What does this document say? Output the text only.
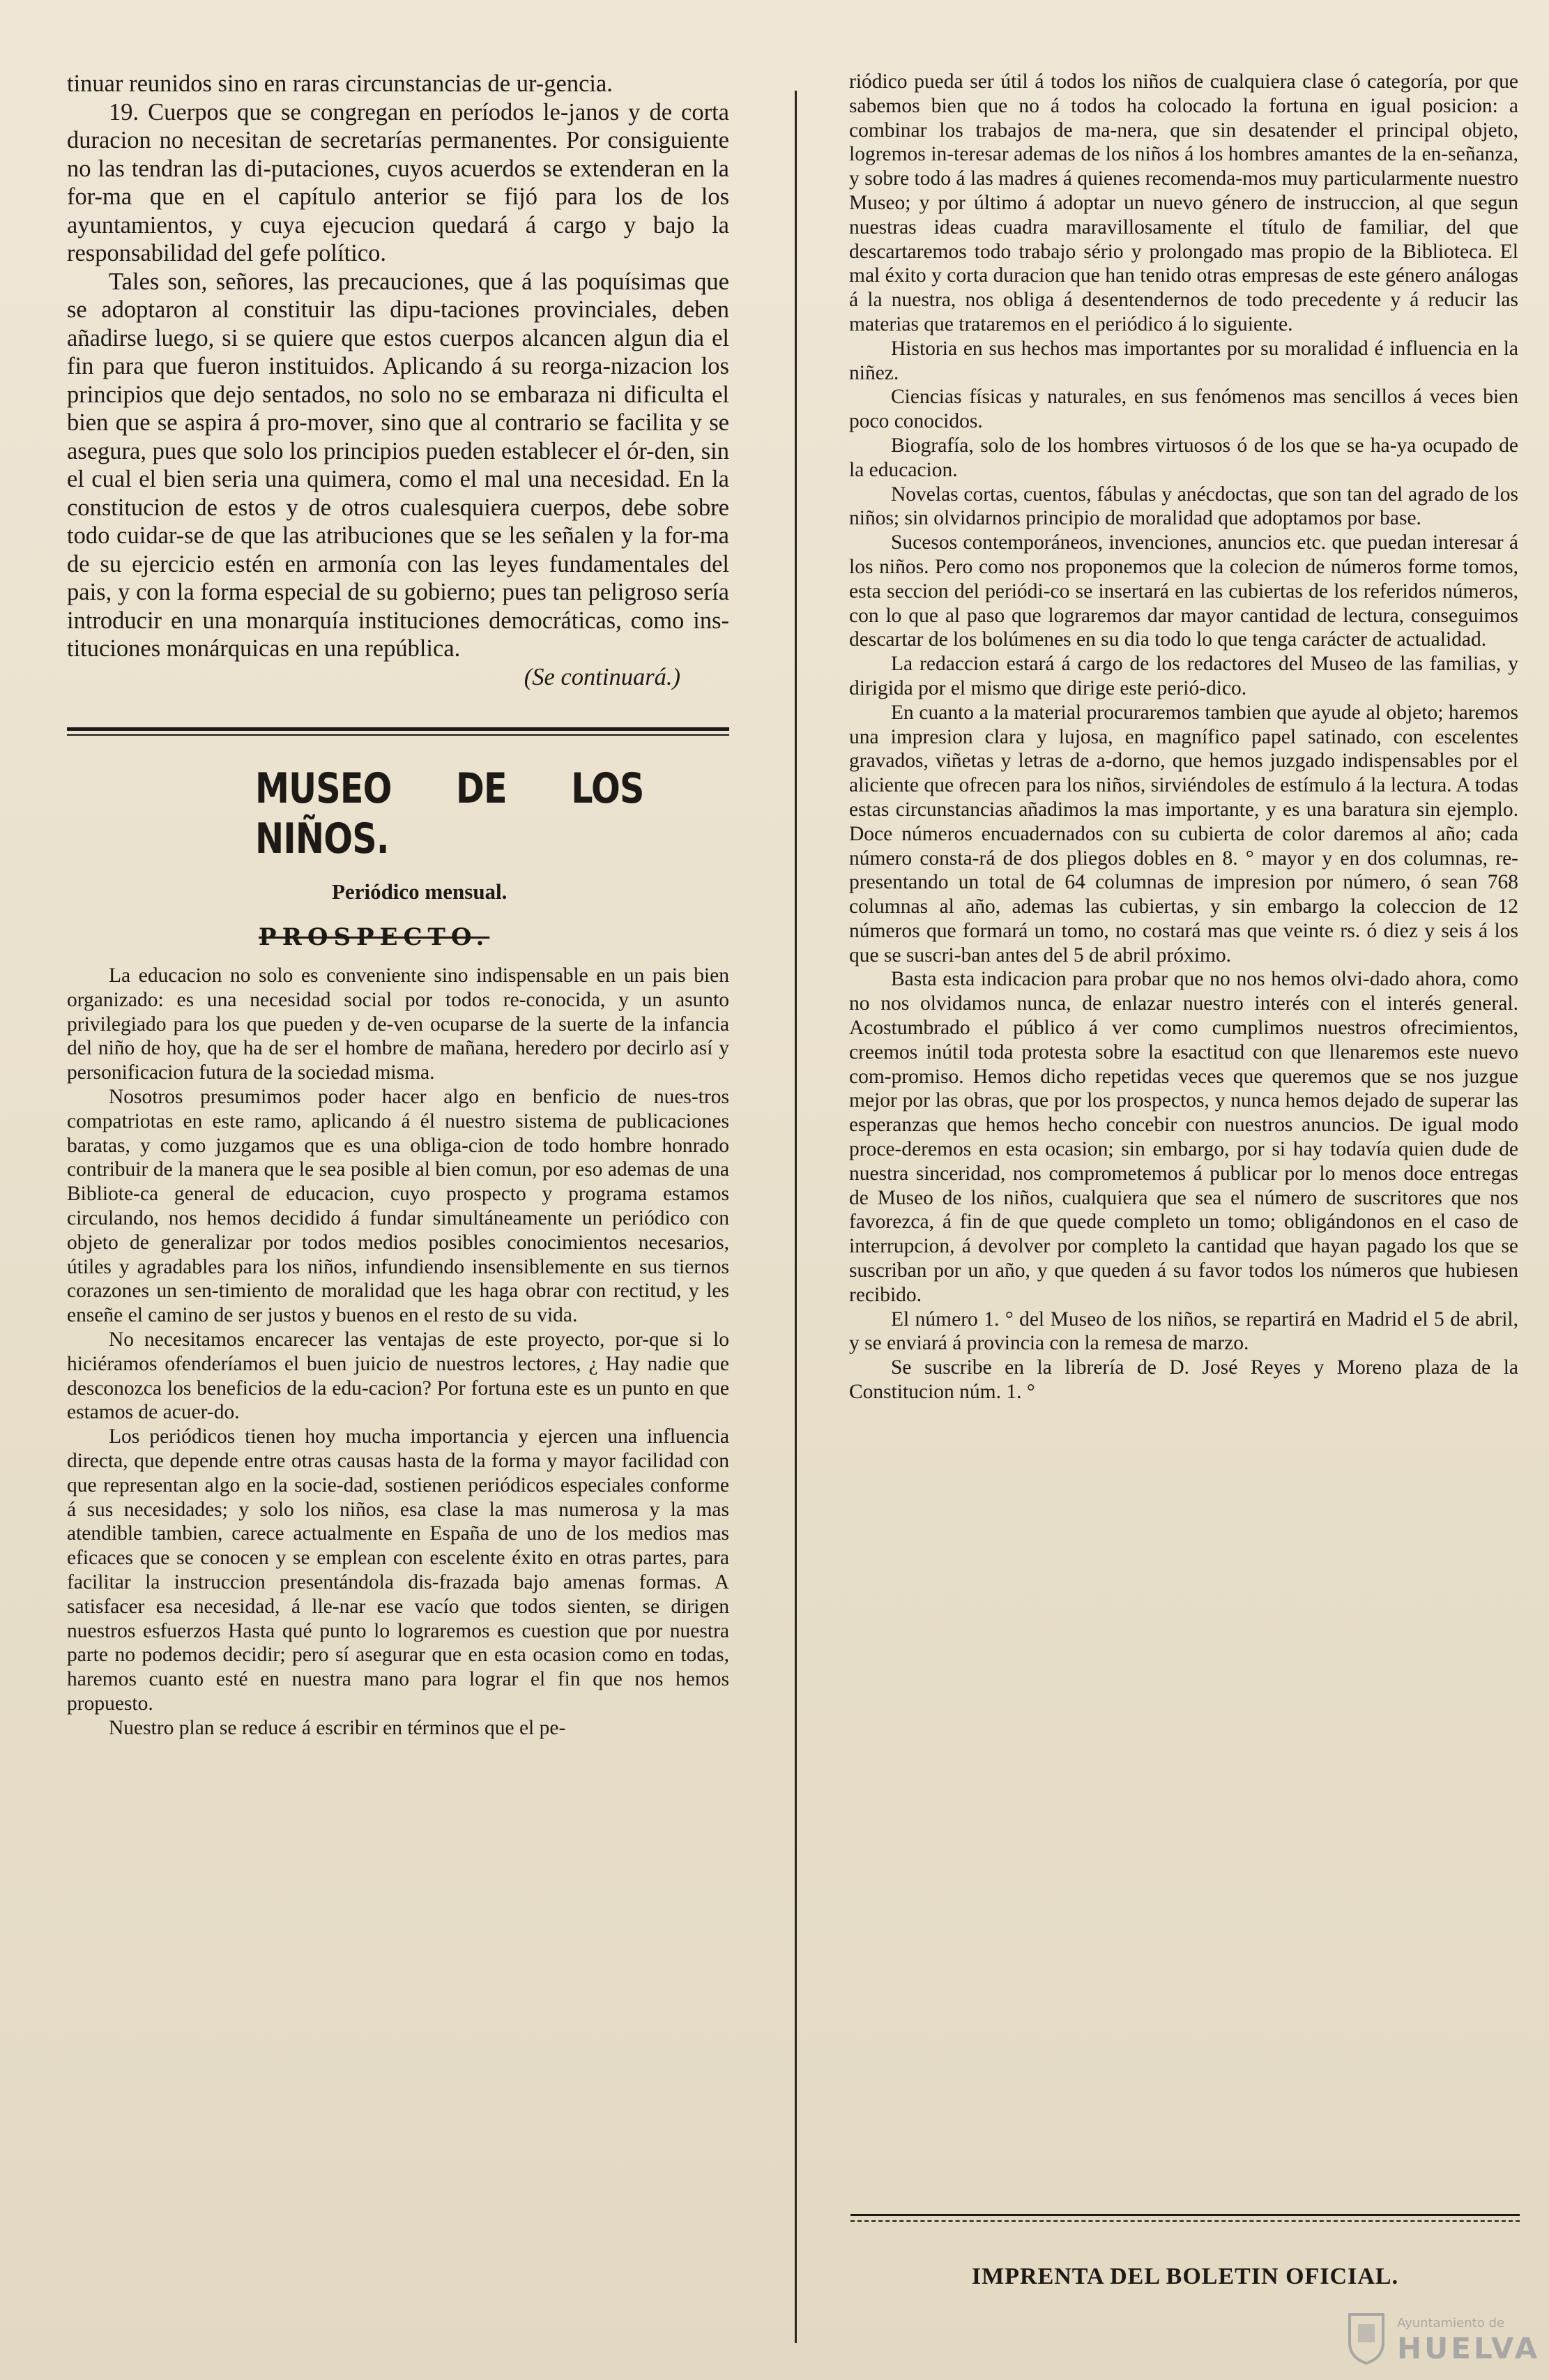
tinuar reunidos sino en raras circunstancias de ur-gencia.

19. Cuerpos que se congregan en períodos le-janos y de corta duracion no necesitan de secretarías permanentes. Por consiguiente no las tendran las di-putaciones, cuyos acuerdos se extenderan en la for-ma que en el capítulo anterior se fijó para los de los ayuntamientos, y cuya ejecucion quedará á cargo y bajo la responsabilidad del gefe político.

Tales son, señores, las precauciones, que á las poquísimas que se adoptaron al constituir las dipu-taciones provinciales, deben añadirse luego, si se quiere que estos cuerpos alcancen algun dia el fin para que fueron instituidos. Aplicando á su reorga-nizacion los principios que dejo sentados, no solo no se embaraza ni dificulta el bien que se aspira á pro-mover, sino que al contrario se facilita y se asegura, pues que solo los principios pueden establecer el ór-den, sin el cual el bien seria una quimera, como el mal una necesidad. En la constitucion de estos y de otros cualesquiera cuerpos, debe sobre todo cuidar-se de que las atribuciones que se les señalen y la for-ma de su ejercicio estén en armonía con las leyes fundamentales del pais, y con la forma especial de su gobierno; pues tan peligroso sería introducir en una monarquía instituciones democráticas, como ins-tituciones monárquicas en una república.

(Se continuará.)

MUSEO DE LOS NIÑOS.
Periódico mensual.
PROSPECTO.

La educacion no solo es conveniente sino indispensable en un pais bien organizado: es una necesidad social por todos re-conocida, y un asunto privilegiado para los que pueden y de-ven ocuparse de la suerte de la infancia del niño de hoy, que ha de ser el hombre de mañana, heredero por decirlo así y personificacion futura de la sociedad misma.

Nosotros presumimos poder hacer algo en benficio de nues-tros compatriotas en este ramo, aplicando á él nuestro sistema de publicaciones baratas, y como juzgamos que es una obliga-cion de todo hombre honrado contribuir de la manera que le sea posible al bien comun, por eso ademas de una Bibliote-ca general de educacion, cuyo prospecto y programa estamos circulando, nos hemos decidido á fundar simultáneamente un periódico con objeto de generalizar por todos medios posibles conocimientos necesarios, útiles y agradables para los niños, infundiendo insensiblemente en sus tiernos corazones un sen-timiento de moralidad que les haga obrar con rectitud, y les enseñe el camino de ser justos y buenos en el resto de su vida.

No necesitamos encarecer las ventajas de este proyecto, por-que si lo hiciéramos ofenderíamos el buen juicio de nuestros lectores, ¿ Hay nadie que desconozca los beneficios de la edu-cacion? Por fortuna este es un punto en que estamos de acuer-do.

Los periódicos tienen hoy mucha importancia y ejercen una influencia directa, que depende entre otras causas hasta de la forma y mayor facilidad con que representan algo en la socie-dad, sostienen periódicos especiales conforme á sus necesidades; y solo los niños, esa clase la mas numerosa y la mas atendible tambien, carece actualmente en España de uno de los medios mas eficaces que se conocen y se emplean con escelente éxito en otras partes, para facilitar la instruccion presentándola dis-frazada bajo amenas formas. A satisfacer esa necesidad, á lle-nar ese vacío que todos sienten, se dirigen nuestros esfuerzos Hasta qué punto lo lograremos es cuestion que por nuestra parte no podemos decidir; pero sí asegurar que en esta ocasion como en todas, haremos cuanto esté en nuestra mano para lograr el fin que nos hemos propuesto.

Nuestro plan se reduce á escribir en términos que el pe-

riódico pueda ser útil á todos los niños de cualquiera clase ó categoría, por que sabemos bien que no á todos ha colocado la fortuna en igual posicion: a combinar los trabajos de ma-nera, que sin desatender el principal objeto, logremos in-teresar ademas de los niños á los hombres amantes de la en-señanza, y sobre todo á las madres á quienes recomenda-mos muy particularmente nuestro Museo; y por último á adoptar un nuevo género de instruccion, al que segun nuestras ideas cuadra maravillosamente el título de familiar, del que descartaremos todo trabajo sério y prolongado mas propio de la Biblioteca. El mal éxito y corta duracion que han tenido otras empresas de este género análogas á la nuestra, nos obliga á desentendernos de todo precedente y á reducir las materias que trataremos en el periódico á lo siguiente.

Historia en sus hechos mas importantes por su moralidad é influencia en la niñez.

Ciencias físicas y naturales, en sus fenómenos mas sencillos á veces bien poco conocidos.

Biografía, solo de los hombres virtuosos ó de los que se ha-ya ocupado de la educacion.

Novelas cortas, cuentos, fábulas y anécdoctas, que son tan del agrado de los niños; sin olvidarnos principio de moralidad que adoptamos por base.

Sucesos contemporáneos, invenciones, anuncios etc. que puedan interesar á los niños. Pero como nos proponemos que la colecion de números forme tomos, esta seccion del periódi-co se insertará en las cubiertas de los referidos números, con lo que al paso que lograremos dar mayor cantidad de lectura, conseguimos descartar de los bolúmenes en su dia todo lo que tenga carácter de actualidad.

La redaccion estará á cargo de los redactores del Museo de las familias, y dirigida por el mismo que dirige este perió-dico.

En cuanto a la material procuraremos tambien que ayude al objeto; haremos una impresion clara y lujosa, en magnífico papel satinado, con escelentes gravados, viñetas y letras de a-dorno, que hemos juzgado indispensables por el aliciente que ofrecen para los niños, sirviéndoles de estímulo á la lectura. A todas estas circunstancias añadimos la mas importante, y es una baratura sin ejemplo. Doce números encuadernados con su cubierta de color daremos al año; cada número consta-rá de dos pliegos dobles en 8. ° mayor y en dos columnas, re-presentando un total de 64 columnas de impresion por número, ó sean 768 columnas al año, ademas las cubiertas, y sin embargo la coleccion de 12 números que formará un tomo, no costará mas que veinte rs. ó diez y seis á los que se suscri-ban antes del 5 de abril próximo.

Basta esta indicacion para probar que no nos hemos olvi-dado ahora, como no nos olvidamos nunca, de enlazar nuestro interés con el interés general. Acostumbrado el público á ver como cumplimos nuestros ofrecimientos, creemos inútil toda protesta sobre la esactitud con que llenaremos este nuevo com-promiso. Hemos dicho repetidas veces que queremos que se nos juzgue mejor por las obras, que por los prospectos, y nunca hemos dejado de superar las esperanzas que hemos hecho concebir con nuestros anuncios. De igual modo proce-deremos en esta ocasion; sin embargo, por si hay todavía quien dude de nuestra sinceridad, nos comprometemos á publicar por lo menos doce entregas de Museo de los niños, cualquiera que sea el número de suscritores que nos favorezca, á fin de que quede completo un tomo; obligándonos en el caso de interrupcion, á devolver por completo la cantidad que hayan pagado los que se suscriban por un año, y que queden á su favor todos los números que hubiesen recibido.

El número 1. ° del Museo de los niños, se repartirá en Madrid el 5 de abril, y se enviará á provincia con la remesa de marzo.

Se suscribe en la librería de D. José Reyes y Moreno plaza de la Constitucion núm. 1. °

IMPRENTA DEL BOLETIN OFICIAL.
Ayuntamiento de
HUELVA
